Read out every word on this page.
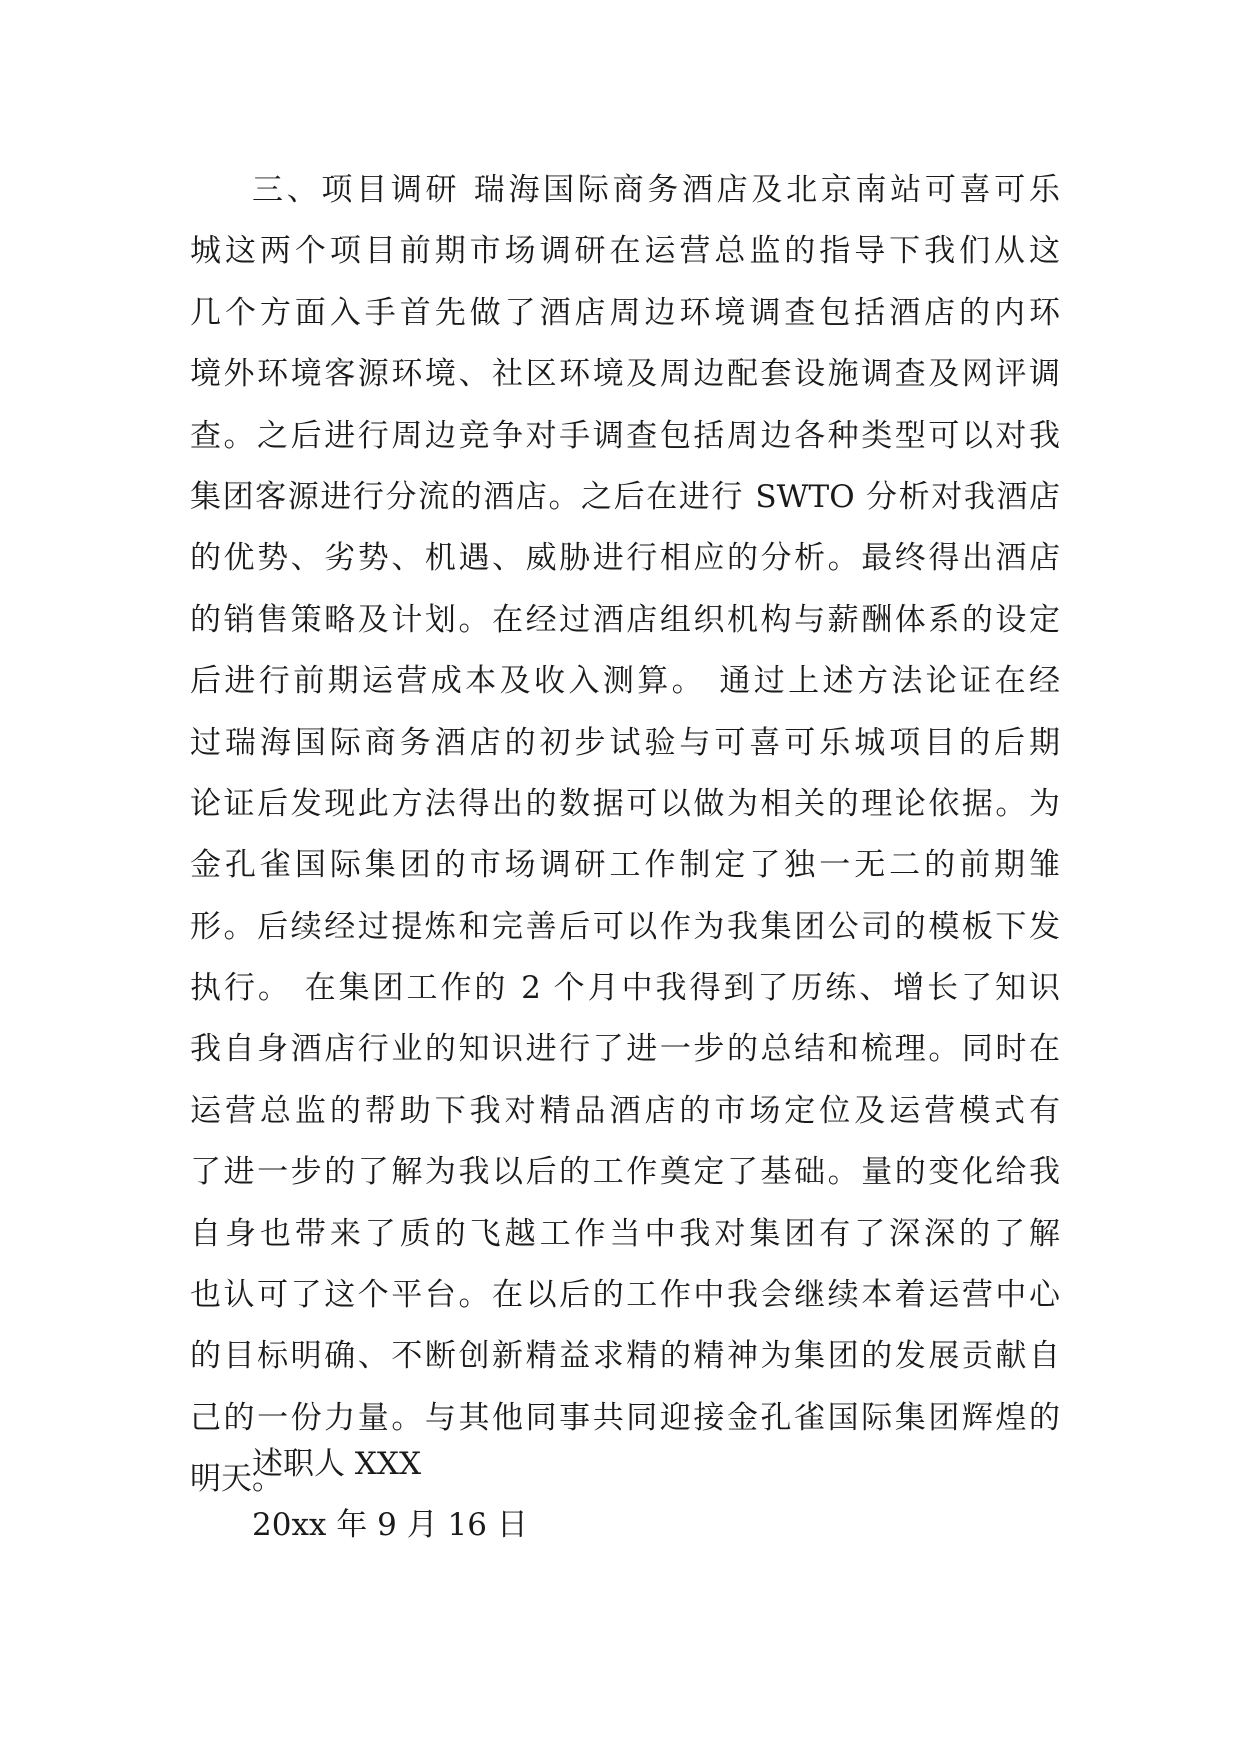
三、项目调研 瑞海国际商务酒店及北京南站可喜可乐
城这两个项目前期市场调研在运营总监的指导下我们从这
几个方面入手首先做了酒店周边环境调查包括酒店的内环
境外环境客源环境、社区环境及周边配套设施调查及网评调
查。之后进行周边竞争对手调查包括周边各种类型可以对我
集团客源进行分流的酒店。之后在进行 SWTO 分析对我酒店
的优势、劣势、机遇、威胁进行相应的分析。最终得出酒店
的销售策略及计划。在经过酒店组织机构与薪酬体系的设定
后进行前期运营成本及收入测算。 通过上述方法论证在经
过瑞海国际商务酒店的初步试验与可喜可乐城项目的后期
论证后发现此方法得出的数据可以做为相关的理论依据。为
金孔雀国际集团的市场调研工作制定了独一无二的前期雏
形。后续经过提炼和完善后可以作为我集团公司的模板下发
执行。 在集团工作的 2 个月中我得到了历练、增长了知识
我自身酒店行业的知识进行了进一步的总结和梳理。同时在
运营总监的帮助下我对精品酒店的市场定位及运营模式有
了进一步的了解为我以后的工作奠定了基础。量的变化给我
自身也带来了质的飞越工作当中我对集团有了深深的了解
也认可了这个平台。在以后的工作中我会继续本着运营中心
的目标明确、不断创新精益求精的精神为集团的发展贡献自
己的一份力量。与其他同事共同迎接金孔雀国际集团辉煌的
明天。
述职人 XXX
20xx 年 9 月 16 日
